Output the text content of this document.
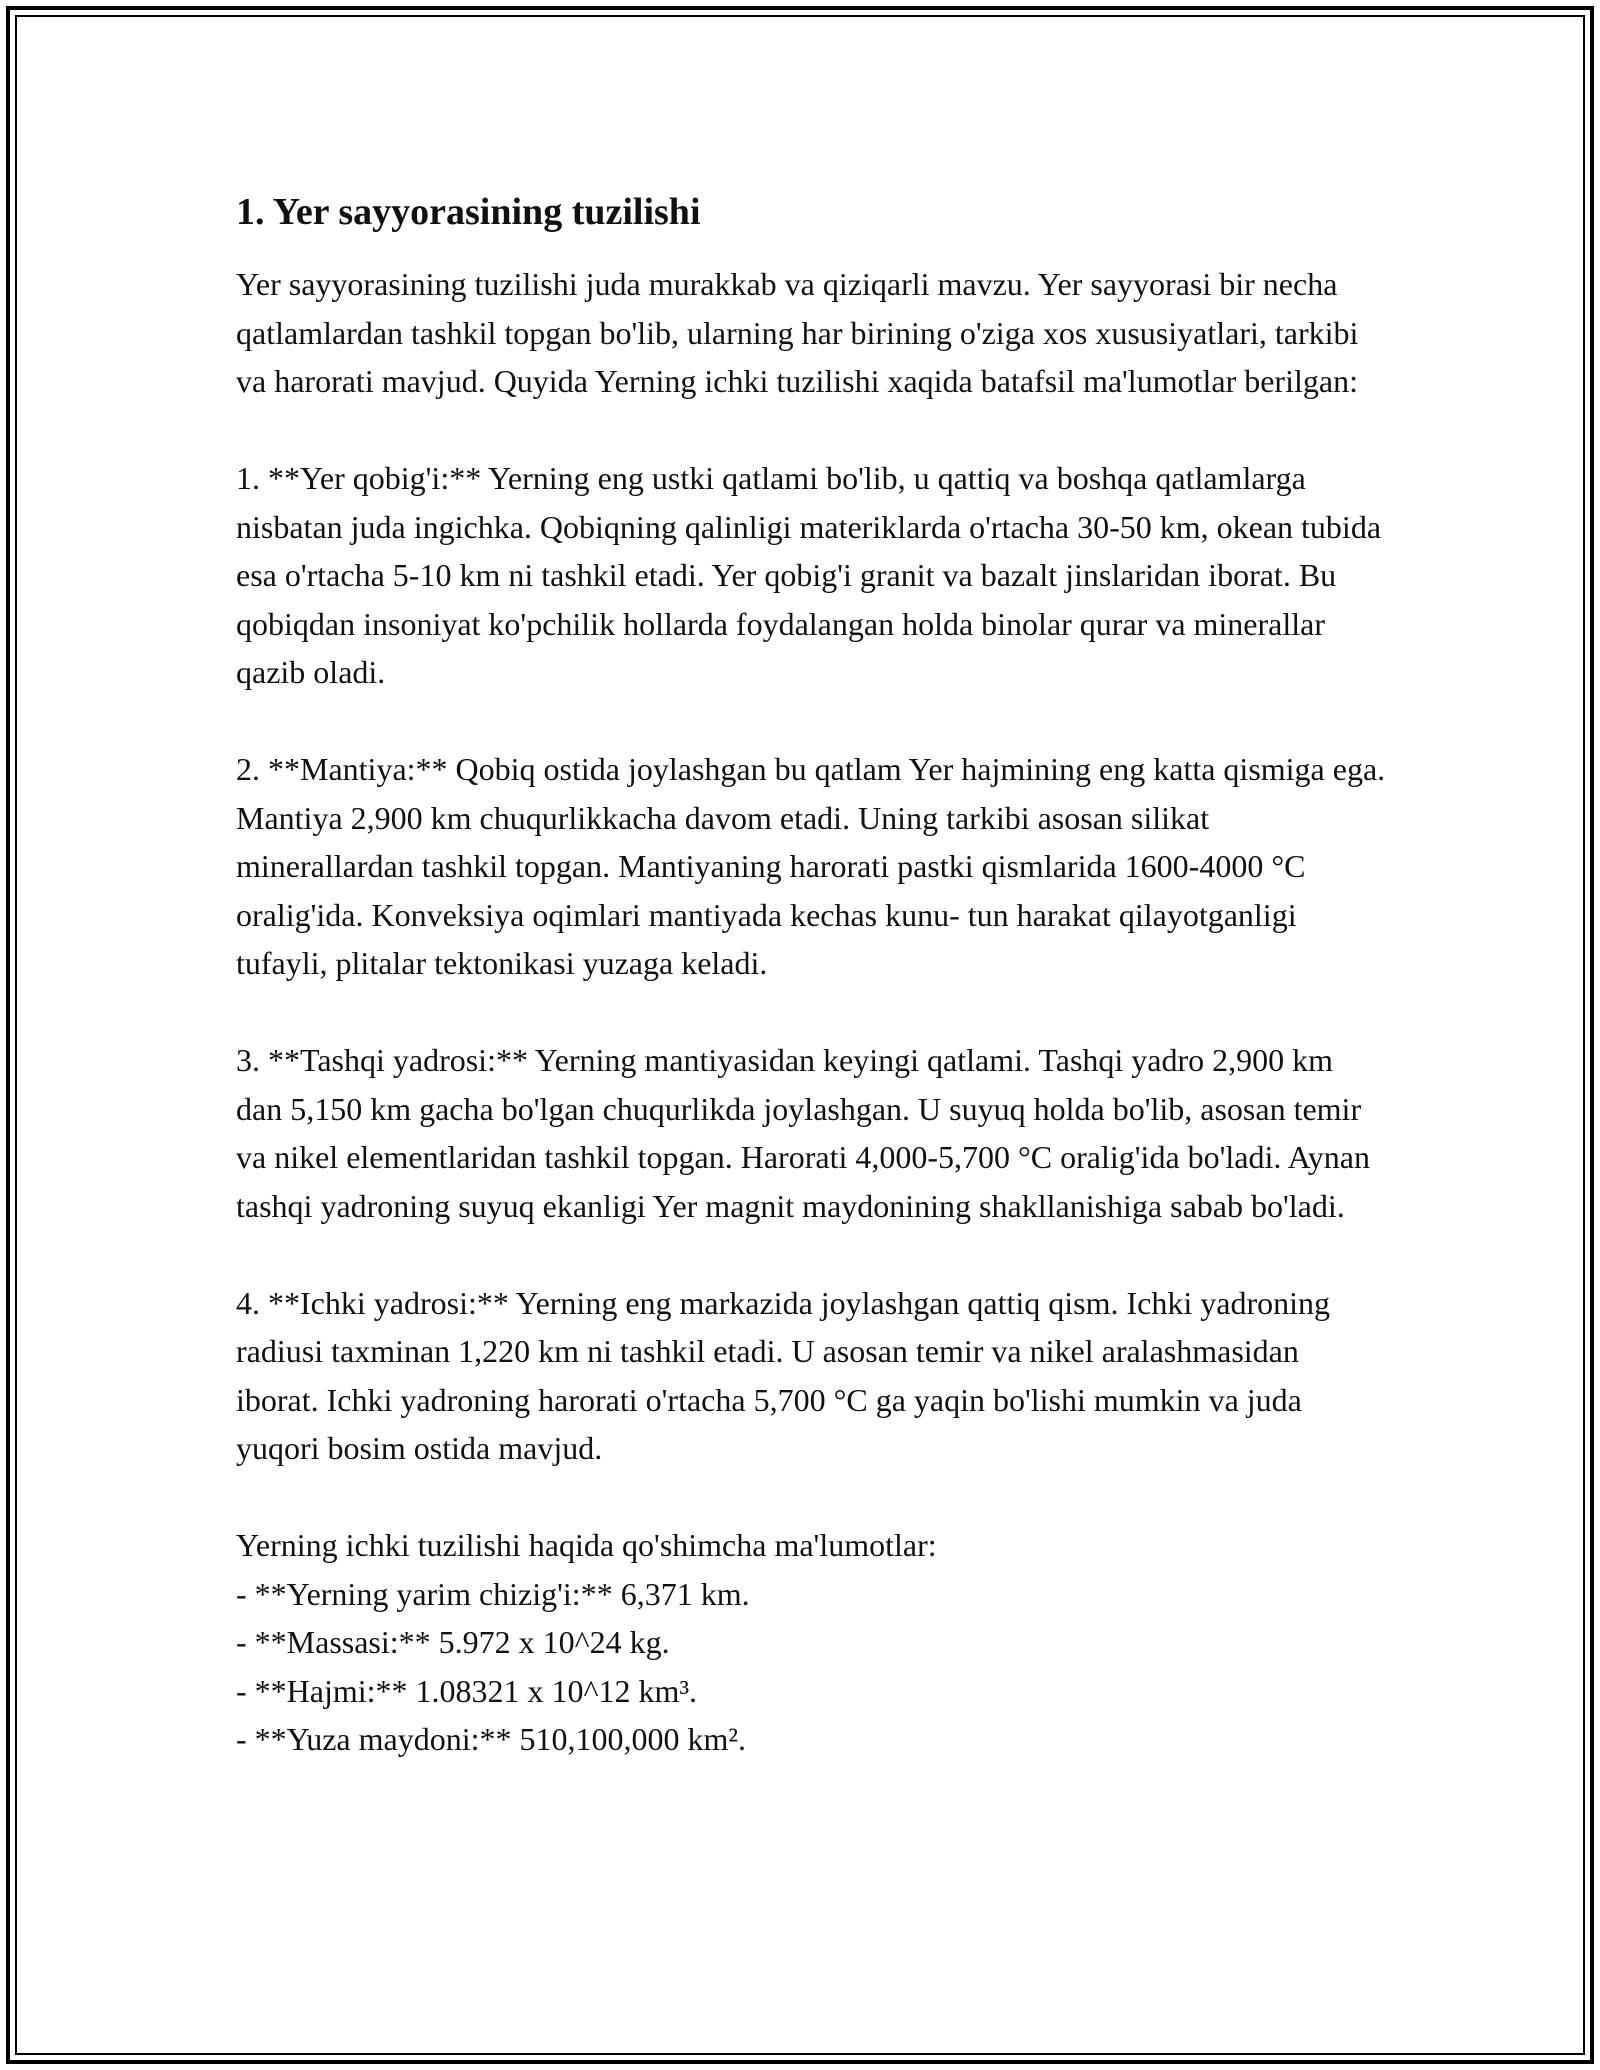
1. Yer sayyorasining tuzilishi

Yer sayyorasining tuzilishi juda murakkab va qiziqarli mavzu. Yer sayyorasi bir necha qatlamlardan tashkil topgan bo'lib, ularning har birining o'ziga xos xususiyatlari, tarkibi va harorati mavjud. Quyida Yerning ichki tuzilishi xaqida batafsil ma'lumotlar berilgan:

1. **Yer qobig'i:** Yerning eng ustki qatlami bo'lib, u qattiq va boshqa qatlamlarga nisbatan juda ingichka. Qobiqning qalinligi materiklarda o'rtacha 30-50 km, okean tubida esa o'rtacha 5-10 km ni tashkil etadi. Yer qobig'i granit va bazalt jinslaridan iborat. Bu qobiqdan insoniyat ko'pchilik hollarda foydalangan holda binolar qurar va minerallar qazib oladi.

2. **Mantiya:** Qobiq ostida joylashgan bu qatlam Yer hajmining eng katta qismiga ega. Mantiya 2,900 km chuqurlikkacha davom etadi. Uning tarkibi asosan silikat minerallardan tashkil topgan. Mantiyaning harorati pastki qismlarida 1600-4000 °C oralig'ida. Konveksiya oqimlari mantiyada kechas kunu- tun harakat qilayotganligi tufayli, plitalar tektonikasi yuzaga keladi.

3. **Tashqi yadrosi:** Yerning mantiyasidan keyingi qatlami. Tashqi yadro 2,900 km dan 5,150 km gacha bo'lgan chuqurlikda joylashgan. U suyuq holda bo'lib, asosan temir va nikel elementlaridan tashkil topgan. Harorati 4,000-5,700 °C oralig'ida bo'ladi. Aynan tashqi yadroning suyuq ekanligi Yer magnit maydonining shakllanishiga sabab bo'ladi.

4. **Ichki yadrosi:** Yerning eng markazida joylashgan qattiq qism. Ichki yadroning radiusi taxminan 1,220 km ni tashkil etadi. U asosan temir va nikel aralashmasidan iborat. Ichki yadroning harorati o'rtacha 5,700 °C ga yaqin bo'lishi mumkin va juda yuqori bosim ostida mavjud.

Yerning ichki tuzilishi haqida qo'shimcha ma'lumotlar:
- **Yerning yarim chizig'i:** 6,371 km.
- **Massasi:** 5.972 x 10^24 kg.
- **Hajmi:** 1.08321 x 10^12 km³.
- **Yuza maydoni:** 510,100,000 km².
